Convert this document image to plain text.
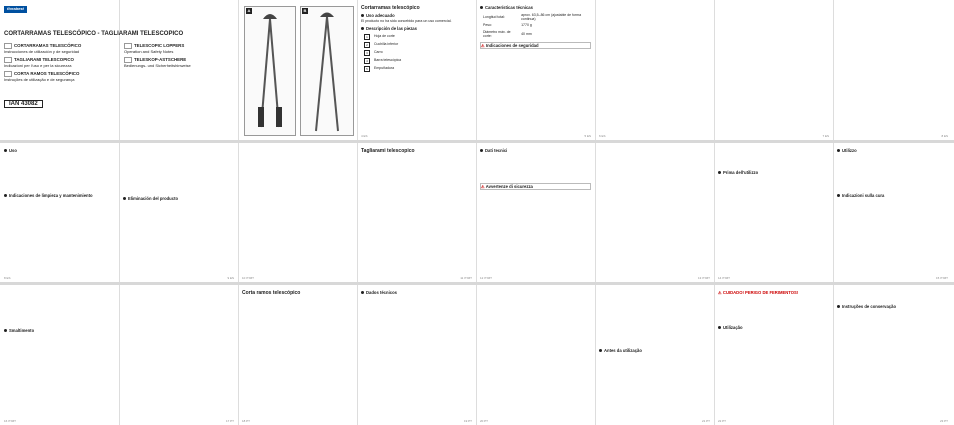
florabest
CORTARRAMAS TELESCÓPICO - TAGLIARAMI TELESCOPICO
CORTARRAMAS TELESCÓPICO
Instrucciones de utilización y de seguridad
TAGLIARAMI TELESCOPICO
Indicazioni per l'uso e per la sicurezza
CORTA RAMOS TELESCÓPICO
Instruções de utilização e de segurança
TELESCOPIC LOPPERS
Operation and Safety Notes
TELESKOP-ASTSCHERE
Bedienungs- und Sicherheitshinweise
IAN 43082
A	B	Cortarramas telescópico
Uso adecuado
El producto no ha sido concebido para un uso comercial.
Descripción de las piezas
1	Hoja de corte
2	Cuchilla inferior
3	Carro
4	Barra telescópica
5	Empuñadura
4 ES
Características técnicas
Longitud total:	aprox. 63,5–86 cm (ajustable de forma continua)
Peso:	1770 g
Diámetro máx. de corte:	40 mm
⚠ Indicaciones de seguridad
5 ES	6 ES	7 ES	8 ES
Uso
Indicaciones de limpieza y mantenimiento
8 ES
Eliminación del producto
9 ES	10 IT/MT
Tagliarami telescopico
11 IT/MT
Dati tecnici
⚠ Avvertenze di sicurezza
12 IT/MT	13 IT/MT
Prima dell'utilizzo
14 IT/MT
Utilizzo
Indicazioni sulla cura
15 IT/MT
Smaltimento
16 IT/MT	17 PT
Corta ramos telescópico
18 PT
Dados técnicos
19 PT	20 PT
Antes da utilização
21 PT
⚠ CUIDADO! PERIGO DE FERIMENTOS!
Utilização
22 PT
Instruções de conservação
23 PT
